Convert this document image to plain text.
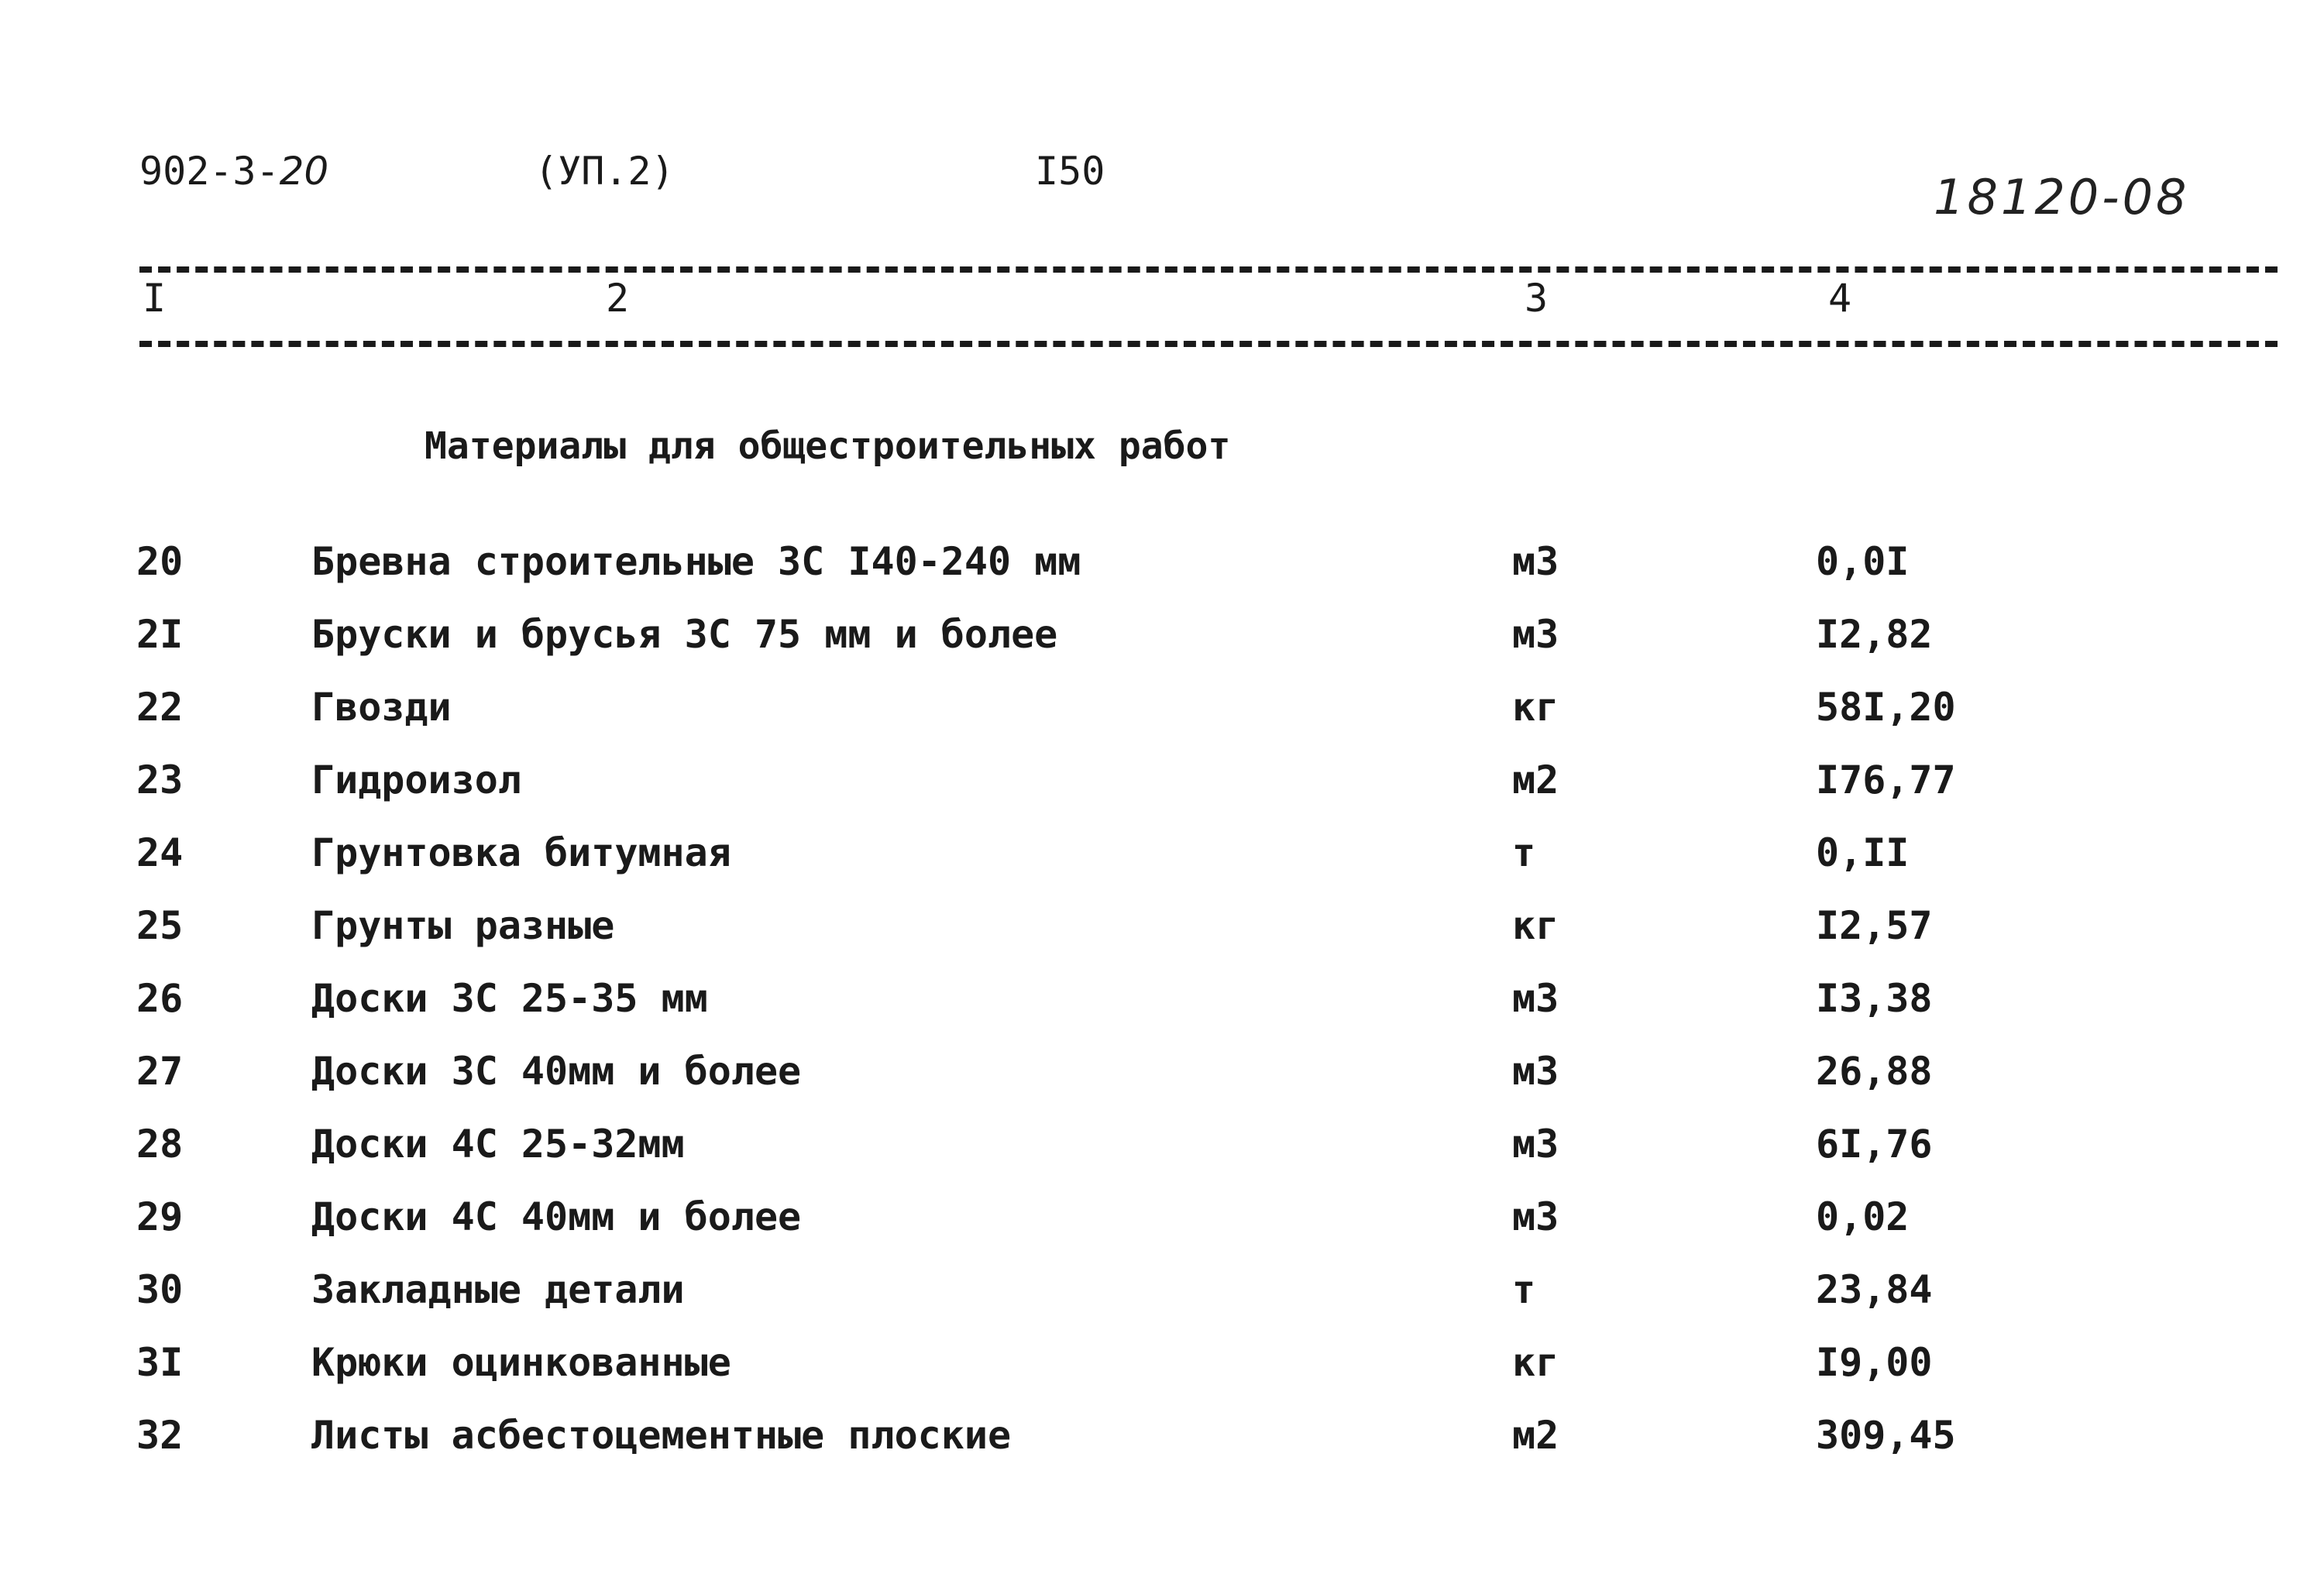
902-3-20	(УП.2)	I50	18120-08
I	2	3	4
Материалы для общестроительных работ
20	Бревна строительные 3С I40-240 мм	м3	0,0I
2I	Бруски и брусья 3С 75 мм и более	м3	I2,82
22	Гвозди	кг	58I,20
23	Гидроизол	м2	I76,77
24	Грунтовка битумная	т	0,II
25	Грунты разные	кг	I2,57
26	Доски 3С 25-35 мм	м3	I3,38
27	Доски 3С 40мм и более	м3	26,88
28	Доски 4С 25-32мм	м3	6I,76
29	Доски 4С 40мм и более	м3	0,02
30	Закладные детали	т	23,84
3I	Крюки оцинкованные	кг	I9,00
32	Листы асбестоцементные плоские	м2	309,45
